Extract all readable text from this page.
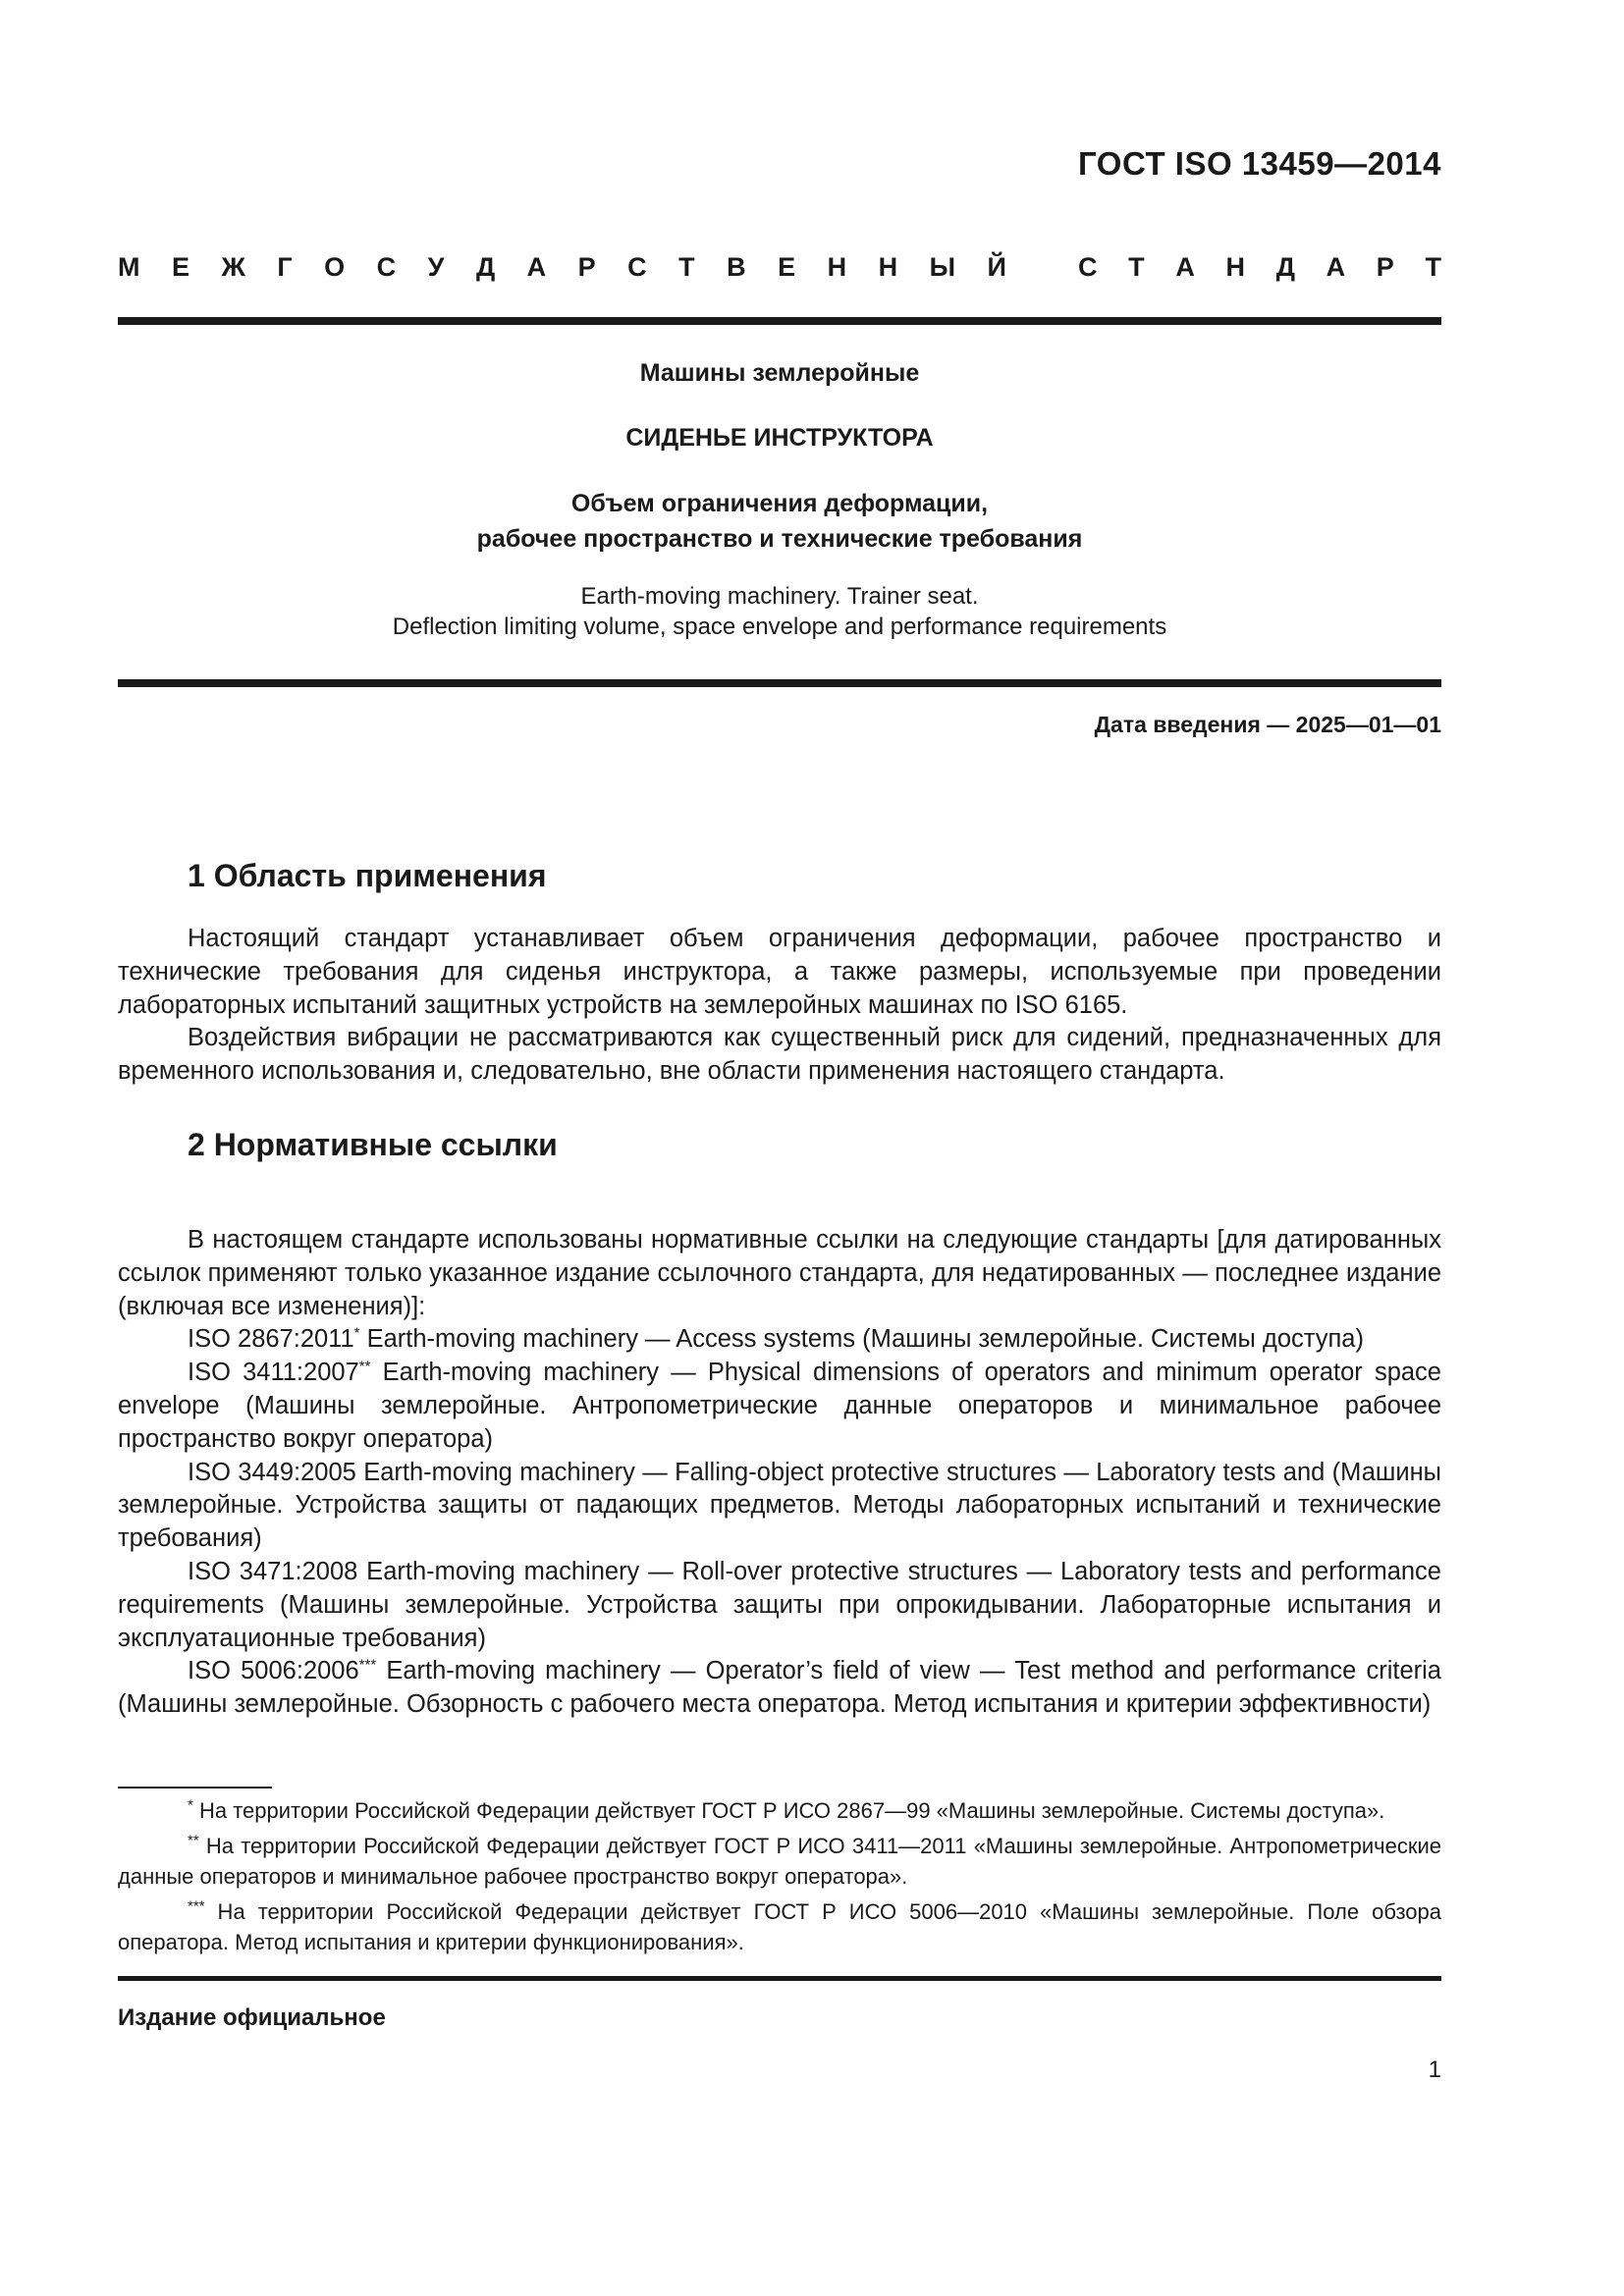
ГОСТ ISO 13459—2014
М Е Ж Г О С У Д А Р С Т В Е Н Н Ы Й	С Т А Н Д А Р Т
Машины землеройные
СИДЕНЬЕ ИНСТРУКТОРА
Объем ограничения деформации,
рабочее пространство и технические требования
Earth-moving machinery. Trainer seat.
Deflection limiting volume, space envelope and performance requirements
Дата введения — 2025—01—01
1 Область применения

Настоящий стандарт устанавливает объем ограничения деформации, рабочее пространство и технические требования для сиденья инструктора, а также размеры, используемые при проведении лабораторных испытаний защитных устройств на землеройных машинах по ISO 6165.

Воздействия вибрации не рассматриваются как существенный риск для сидений, предназначенных для временного использования и, следовательно, вне области применения настоящего стандарта.

2 Нормативные ссылки

В настоящем стандарте использованы нормативные ссылки на следующие стандарты [для датированных ссылок применяют только указанное издание ссылочного стандарта, для недатированных — последнее издание (включая все изменения)]:

ISO 2867:2011* Earth-moving machinery — Access systems (Машины землеройные. Системы доступа)

ISO 3411:2007** Earth-moving machinery — Physical dimensions of operators and minimum operator space envelope (Машины землеройные. Антропометрические данные операторов и минимальное рабочее пространство вокруг оператора)

ISO 3449:2005 Earth-moving machinery — Falling-object protective structures — Laboratory tests and (Машины землеройные. Устройства защиты от падающих предметов. Методы лабораторных испытаний и технические требования)

ISO 3471:2008 Earth-moving machinery — Roll-over protective structures — Laboratory tests and performance requirements (Машины землеройные. Устройства защиты при опрокидывании. Лабораторные испытания и эксплуатационные требования)

ISO 5006:2006*** Earth-moving machinery — Operator’s field of view — Test method and performance criteria (Машины землеройные. Обзорность с рабочего места оператора. Метод испытания и критерии эффективности)

* На территории Российской Федерации действует ГОСТ Р ИСО 2867—99 «Машины землеройные. Системы доступа».

** На территории Российской Федерации действует ГОСТ Р ИСО 3411—2011 «Машины землеройные. Антропометрические данные операторов и минимальное рабочее пространство вокруг оператора».

*** На территории Российской Федерации действует ГОСТ Р ИСО 5006—2010 «Машины землеройные. Поле обзора оператора. Метод испытания и критерии функционирования».

Издание официальное
1
